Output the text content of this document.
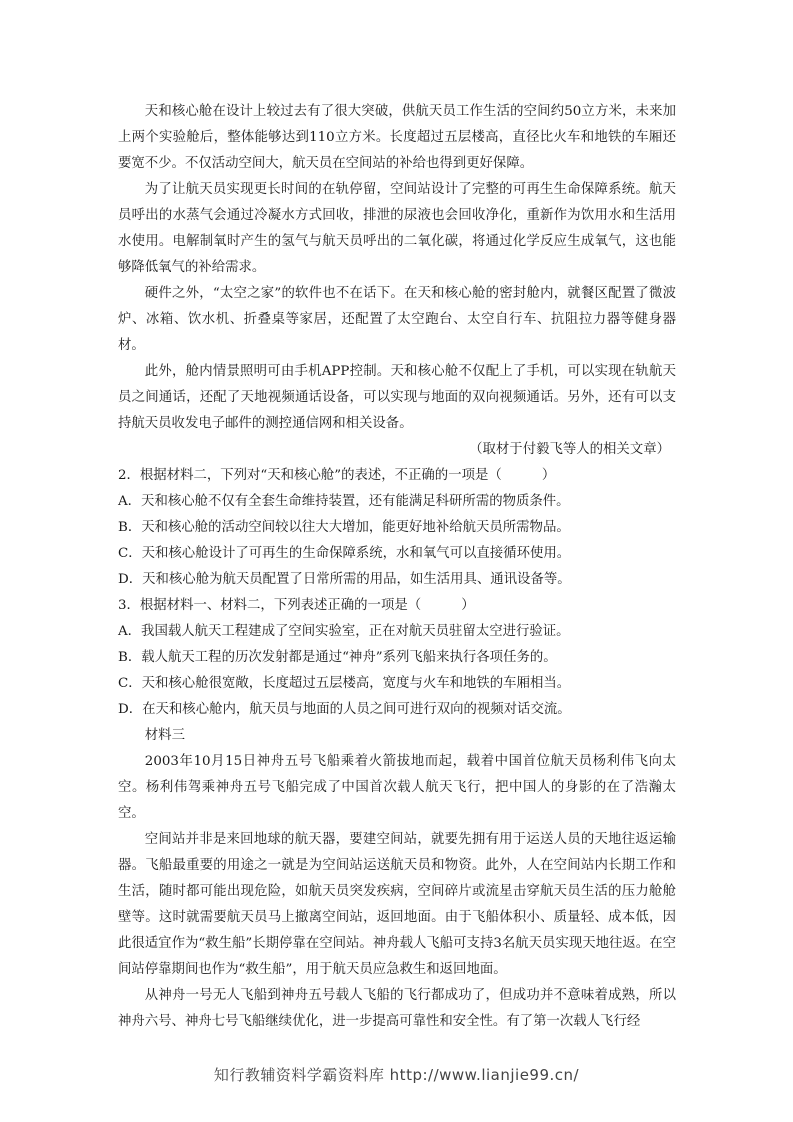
天和核心舱在设计上较过去有了很大突破，供航天员工作生活的空间约50立方米，未来加上两个实验舱后，整体能够达到110立方米。长度超过五层楼高，直径比火车和地铁的车厢还要宽不少。不仅活动空间大，航天员在空间站的补给也得到更好保障。

为了让航天员实现更长时间的在轨停留，空间站设计了完整的可再生生命保障系统。航天员呼出的水蒸气会通过冷凝水方式回收，排泄的尿液也会回收净化，重新作为饮用水和生活用水使用。电解制氧时产生的氢气与航天员呼出的二氧化碳，将通过化学反应生成氧气，这也能够降低氧气的补给需求。

硬件之外，“太空之家”的软件也不在话下。在天和核心舱的密封舱内，就餐区配置了微波炉、冰箱、饮水机、折叠桌等家居，还配置了太空跑台、太空自行车、抗阻拉力器等健身器材。

此外，舱内情景照明可由手机APP控制。天和核心舱不仅配上了手机，可以实现在轨航天员之间通话，还配了天地视频通话设备，可以实现与地面的双向视频通话。另外，还有可以支持航天员收发电子邮件的测控通信网和相关设备。

（取材于付毅飞等人的相关文章）

2．根据材料二，下列对“天和核心舱”的表述，不正确的一项是（　　　）

A．天和核心舱不仅有全套生命维持装置，还有能满足科研所需的物质条件。

B．天和核心舱的活动空间较以往大大增加，能更好地补给航天员所需物品。

C．天和核心舱设计了可再生的生命保障系统，水和氧气可以直接循环使用。

D．天和核心舱为航天员配置了日常所需的用品，如生活用具、通讯设备等。

3．根据材料一、材料二，下列表述正确的一项是（　　　）

A．我国载人航天工程建成了空间实验室，正在对航天员驻留太空进行验证。

B．载人航天工程的历次发射都是通过“神舟”系列飞船来执行各项任务的。

C．天和核心舱很宽敞，长度超过五层楼高，宽度与火车和地铁的车厢相当。

D．在天和核心舱内，航天员与地面的人员之间可进行双向的视频对话交流。

材料三

2003年10月15日神舟五号飞船乘着火箭拔地而起，载着中国首位航天员杨利伟飞向太空。杨利伟驾乘神舟五号飞船完成了中国首次载人航天飞行，把中国人的身影的在了浩瀚太空。

空间站并非是来回地球的航天器，要建空间站，就要先拥有用于运送人员的天地往返运输器。飞船最重要的用途之一就是为空间站运送航天员和物资。此外，人在空间站内长期工作和生活，随时都可能出现危险，如航天员突发疾病，空间碎片或流星击穿航天员生活的压力舱舱壁等。这时就需要航天员马上撤离空间站，返回地面。由于飞船体积小、质量轻、成本低，因此很适宜作为“救生船”长期停靠在空间站。神舟载人飞船可支持3名航天员实现天地往返。在空间站停靠期间也作为“救生船”，用于航天员应急救生和返回地面。

从神舟一号无人飞船到神舟五号载人飞船的飞行都成功了，但成功并不意味着成熟，所以神舟六号、神舟七号飞船继续优化，进一步提高可靠性和安全性。有了第一次载人飞行经

知行教辅资料学霸资料库 http://www.lianjie99.cn/
